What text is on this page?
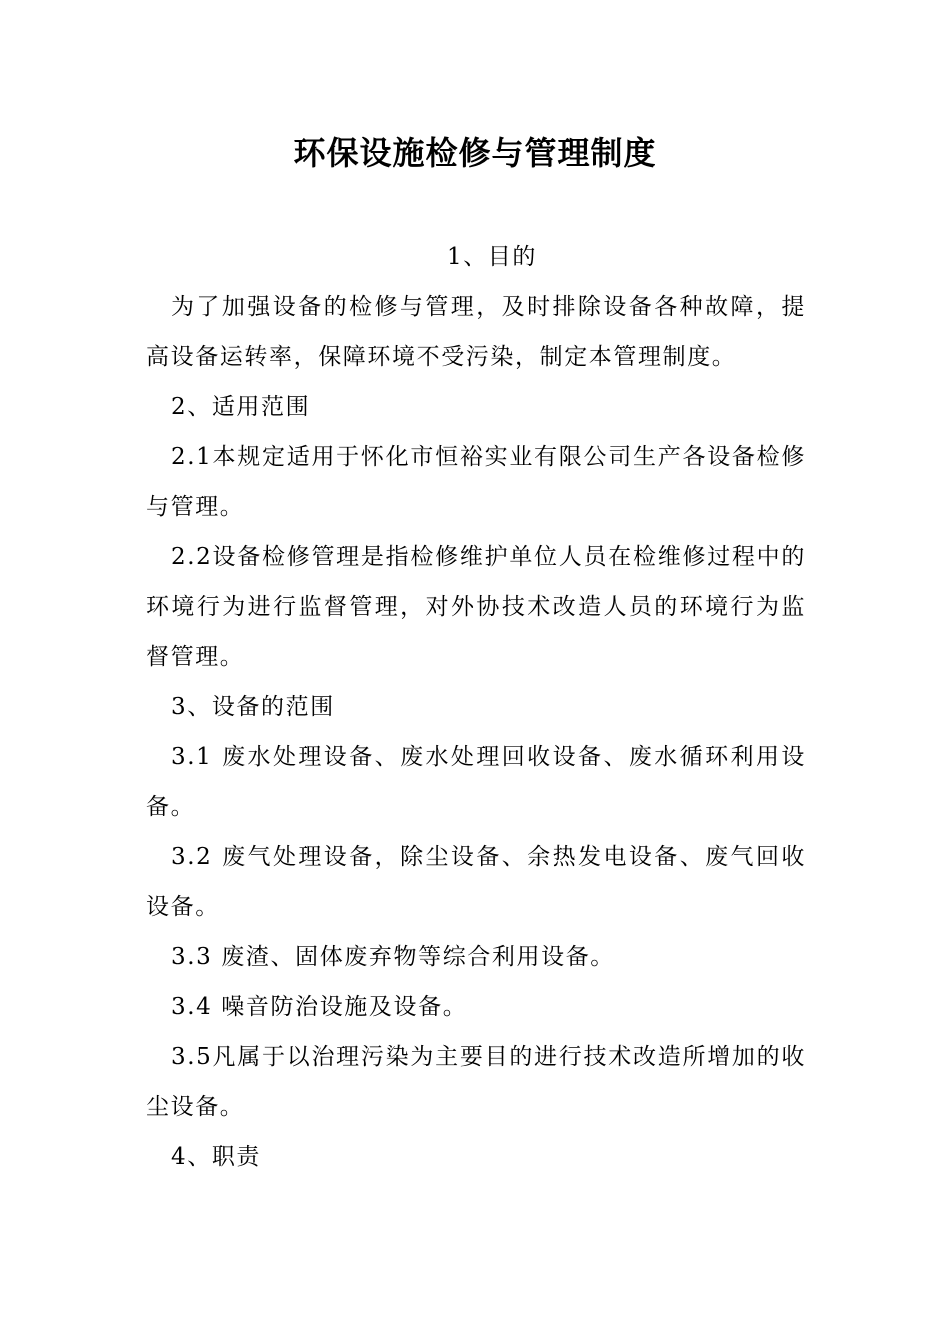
环保设施检修与管理制度

1、目的

为了加强设备的检修与管理，及时排除设备各种故障，提高设备运转率，保障环境不受污染，制定本管理制度。

2、适用范围

2.1本规定适用于怀化市恒裕实业有限公司生产各设备检修与管理。

2.2设备检修管理是指检修维护单位人员在检维修过程中的环境行为进行监督管理，对外协技术改造人员的环境行为监督管理。

3、设备的范围

3.1 废水处理设备、废水处理回收设备、废水循环利用设备。

3.2 废气处理设备，除尘设备、余热发电设备、废气回收设备。

3.3 废渣、固体废弃物等综合利用设备。

3.4 噪音防治设施及设备。

3.5凡属于以治理污染为主要目的进行技术改造所增加的收尘设备。

4、职责
